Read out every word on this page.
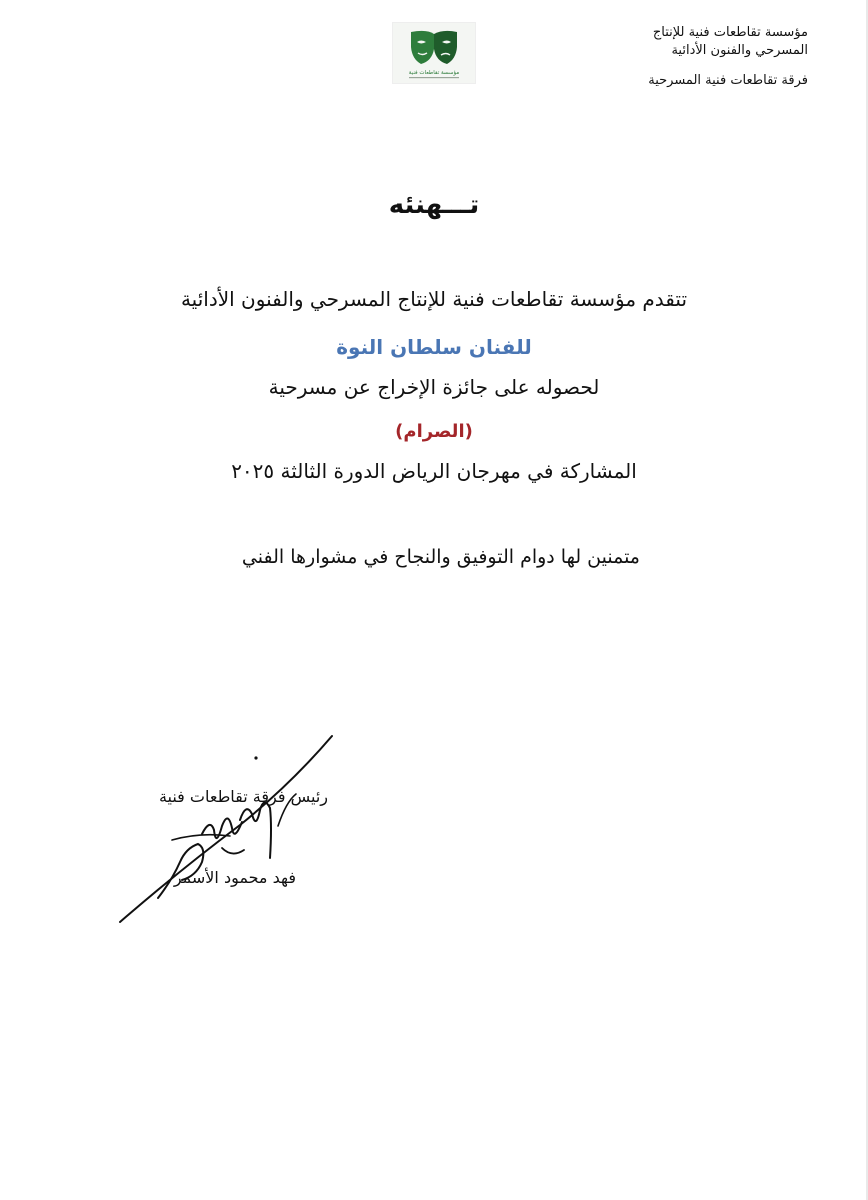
مؤسسة تقاطعات فنية للإنتاج
المسرحي والفنون الأدائية
فرقة تقاطعات فنية المسرحية
مؤسسة تقاطعات فنية
تـــهنئه
تتقدم مؤسسة تقاطعات فنية للإنتاج المسرحي والفنون الأدائية
للفنان سلطان النوة
لحصوله على جائزة الإخراج عن مسرحية
(الصرام)
المشاركة في مهرجان الرياض الدورة الثالثة ٢٠٢٥
متمنين لها دوام التوفيق والنجاح في مشوارها الفني
رئيس فرقة تقاطعات فنية
فهد محمود الأسمر
